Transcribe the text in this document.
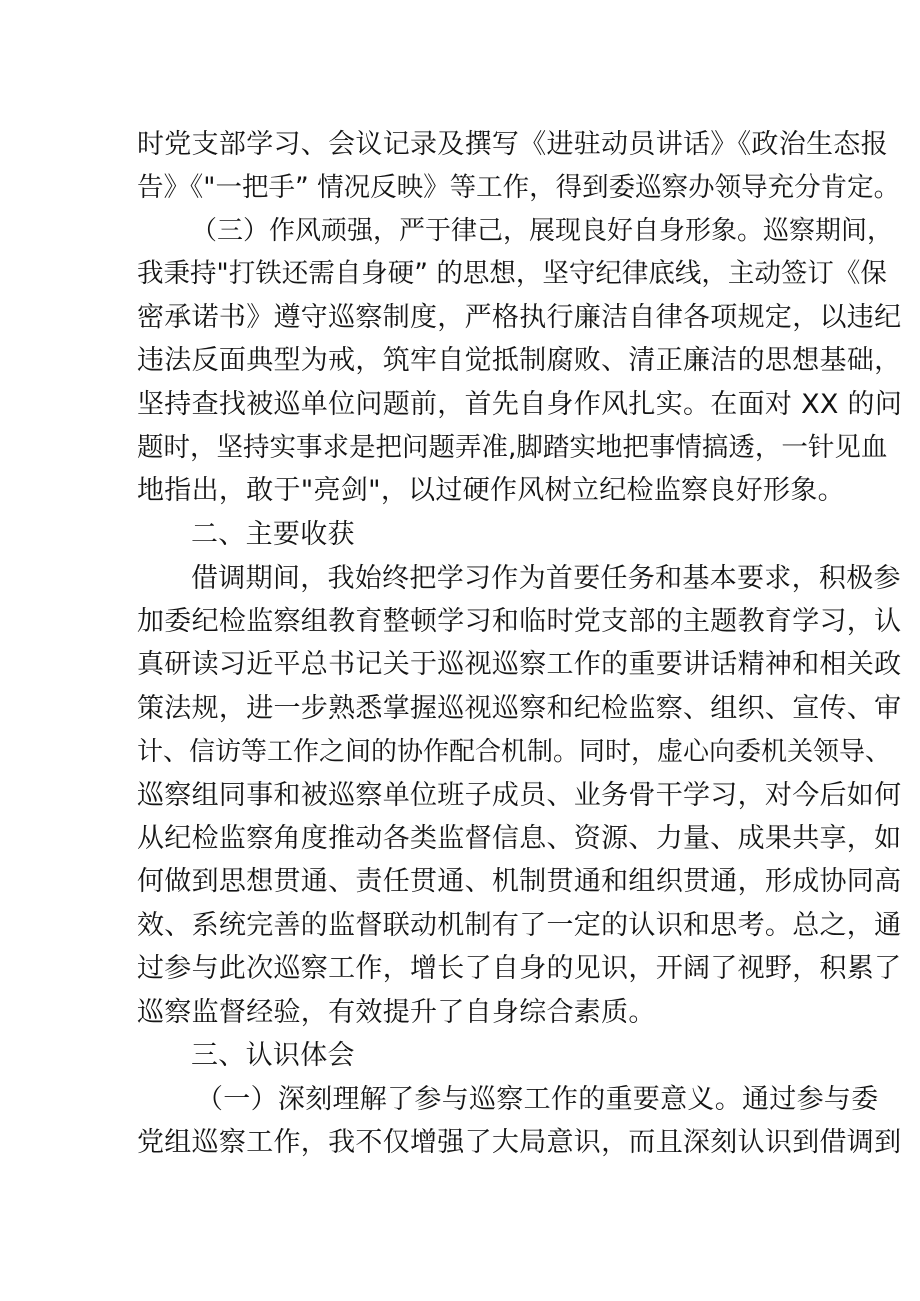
时党支部学习、会议记录及撰写《进驻动员讲话》《政治生态报
告》《"一把手” 情况反映》等工作，得到委巡察办领导充分肯定。
（三）作风顽强，严于律己，展现良好自身形象。巡察期间，
我秉持"打铁还需自身硬” 的思想，坚守纪律底线，主动签订《保
密承诺书》遵守巡察制度，严格执行廉洁自律各项规定，以违纪
违法反面典型为戒，筑牢自觉抵制腐败、清正廉洁的思想基础，
坚持查找被巡单位问题前，首先自身作风扎实。在面对 XX 的问
题时，坚持实事求是把问题弄准,脚踏实地把事情搞透，一针见血
地指出，敢于"亮剑"，以过硬作风树立纪检监察良好形象。
二、主要收获
借调期间，我始终把学习作为首要任务和基本要求，积极参
加委纪检监察组教育整顿学习和临时党支部的主题教育学习，认
真研读习近平总书记关于巡视巡察工作的重要讲话精神和相关政
策法规，进一步熟悉掌握巡视巡察和纪检监察、组织、宣传、审
计、信访等工作之间的协作配合机制。同时，虚心向委机关领导、
巡察组同事和被巡察单位班子成员、业务骨干学习，对今后如何
从纪检监察角度推动各类监督信息、资源、力量、成果共享，如
何做到思想贯通、责任贯通、机制贯通和组织贯通，形成协同高
效、系统完善的监督联动机制有了一定的认识和思考。总之，通
过参与此次巡察工作，增长了自身的见识，开阔了视野，积累了
巡察监督经验，有效提升了自身综合素质。
三、认识体会
（一）深刻理解了参与巡察工作的重要意义。通过参与委
党组巡察工作，我不仅增强了大局意识，而且深刻认识到借调到
